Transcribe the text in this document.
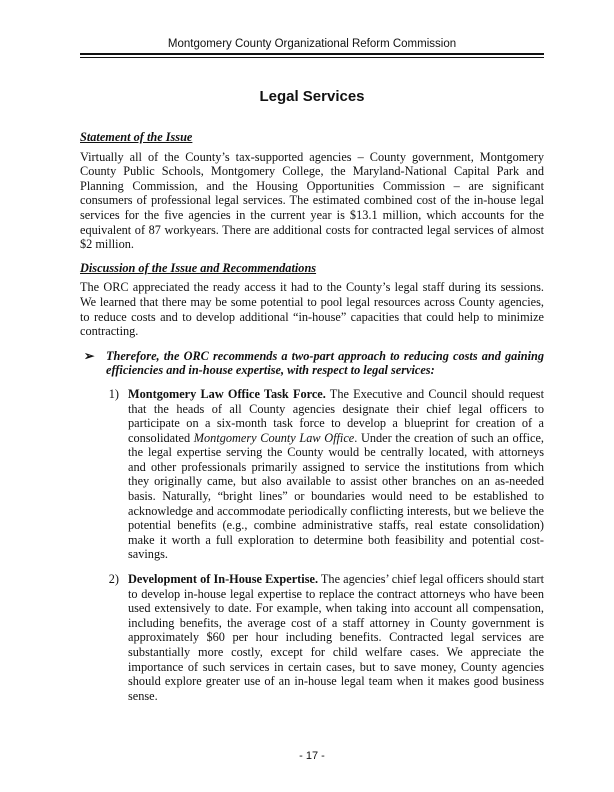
Montgomery County Organizational Reform Commission
Legal Services
Statement of the Issue

Virtually all of the County’s tax-supported agencies – County government, Montgomery County Public Schools, Montgomery College, the Maryland-National Capital Park and Planning Commission, and the Housing Opportunities Commission – are significant consumers of professional legal services. The estimated combined cost of the in-house legal services for the five agencies in the current year is $13.1 million, which accounts for the equivalent of 87 workyears. There are additional costs for contracted legal services of almost $2 million.

Discussion of the Issue and Recommendations

The ORC appreciated the ready access it had to the County’s legal staff during its sessions. We learned that there may be some potential to pool legal resources across County agencies, to reduce costs and to develop additional “in-house” capacities that could help to minimize contracting.

➢ Therefore, the ORC recommends a two-part approach to reducing costs and gaining efficiencies and in-house expertise, with respect to legal services:
1) Montgomery Law Office Task Force. The Executive and Council should request that the heads of all County agencies designate their chief legal officers to participate on a six-month task force to develop a blueprint for creation of a consolidated Montgomery County Law Office. Under the creation of such an office, the legal expertise serving the County would be centrally located, with attorneys and other professionals primarily assigned to service the institutions from which they originally came, but also available to assist other branches on an as-needed basis. Naturally, “bright lines” or boundaries would need to be established to acknowledge and accommodate periodically conflicting interests, but we believe the potential benefits (e.g., combine administrative staffs, real estate consolidation) make it worth a full exploration to determine both feasibility and potential cost-savings.
2) Development of In-House Expertise. The agencies’ chief legal officers should start to develop in-house legal expertise to replace the contract attorneys who have been used extensively to date. For example, when taking into account all compensation, including benefits, the average cost of a staff attorney in County government is approximately $60 per hour including benefits. Contracted legal services are substantially more costly, except for child welfare cases. We appreciate the importance of such services in certain cases, but to save money, County agencies should explore greater use of an in-house legal team when it makes good business sense.
- 17 -
